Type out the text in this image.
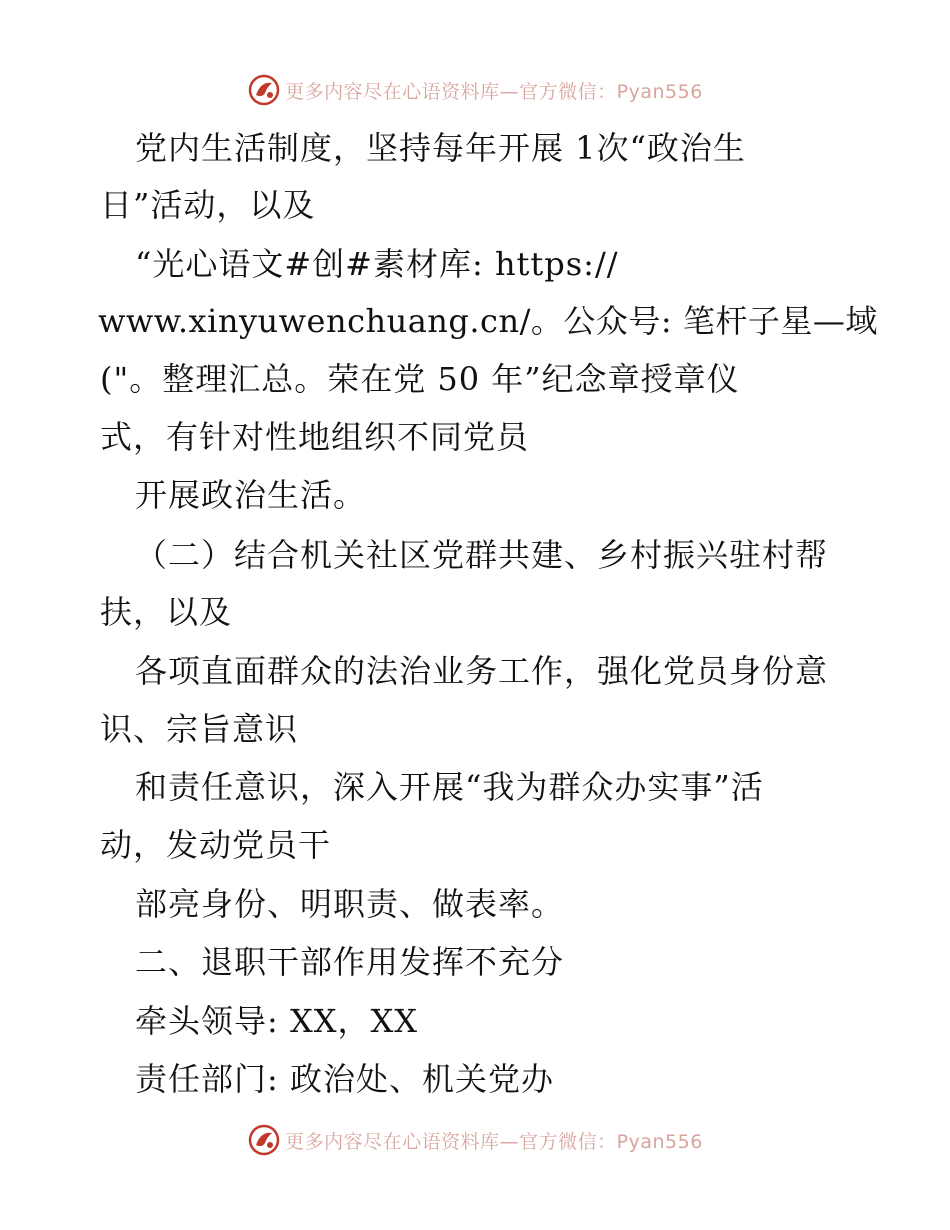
更多内容尽在心语资料库—官方微信：Pyan556
党内生活制度，坚持每年开展 1次“政治生
日”活动，以及
“光心语文#创#素材库: https://
www.xinyuwenchuang.cn/。公众号: 笔杆子星—域
("。整理汇总。荣在党 50 年”纪念章授章仪
式，有针对性地组织不同党员
开展政治生活。
（二）结合机关社区党群共建、乡村振兴驻村帮
扶，以及
各项直面群众的法治业务工作，强化党员身份意
识、宗旨意识
和责任意识，深入开展“我为群众办实事”活
动，发动党员干
部亮身份、明职责、做表率。
二、退职干部作用发挥不充分
牵头领导: XX，XX
责任部门: 政治处、机关党办
更多内容尽在心语资料库—官方微信：Pyan556
